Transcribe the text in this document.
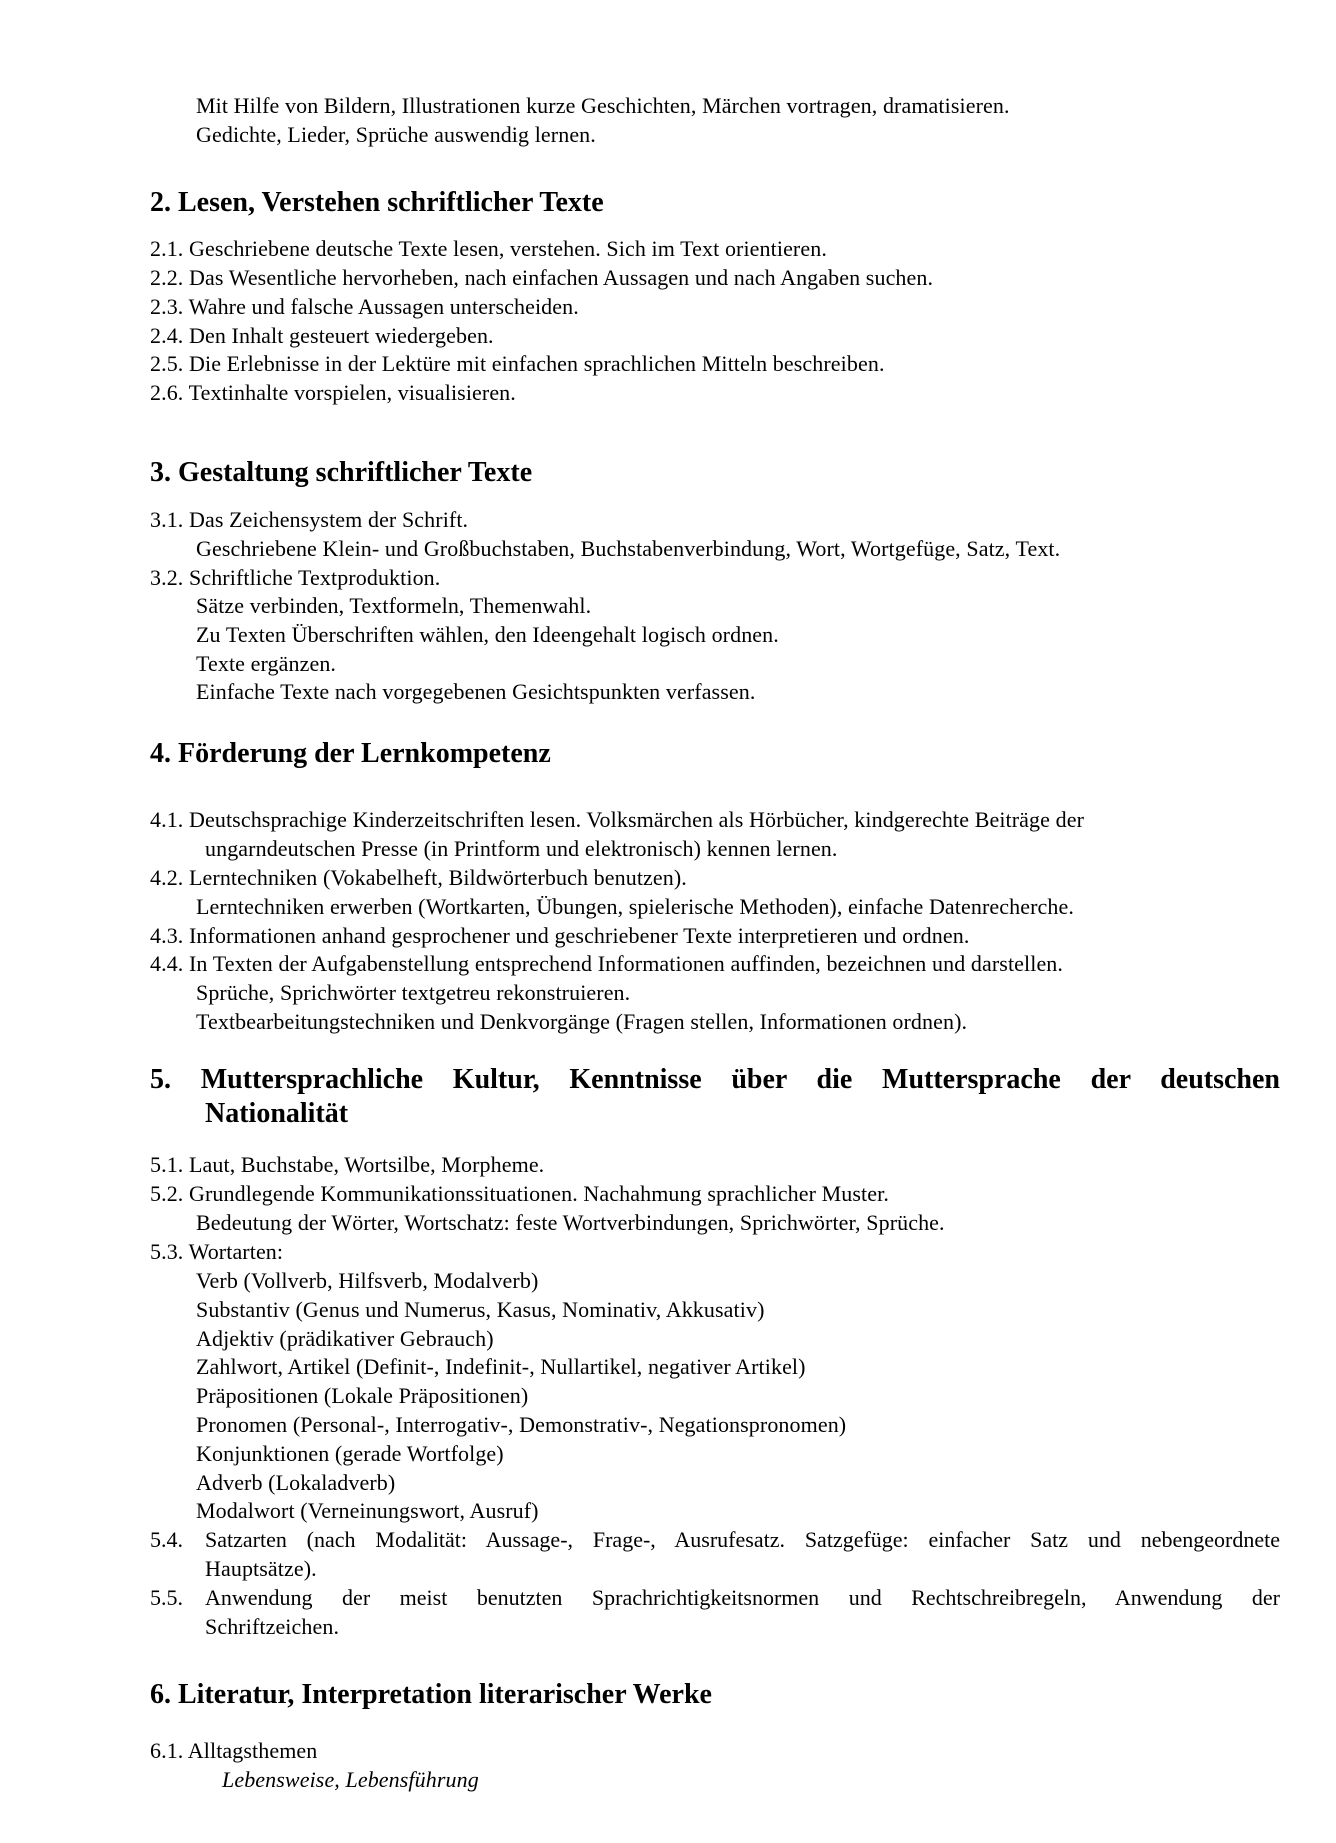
Mit Hilfe von Bildern, Illustrationen kurze Geschichten, Märchen vortragen, dramatisieren.
Gedichte, Lieder, Sprüche auswendig lernen.
2. Lesen, Verstehen schriftlicher Texte
2.1. Geschriebene deutsche Texte lesen, verstehen. Sich im Text orientieren.
2.2. Das Wesentliche hervorheben, nach einfachen Aussagen und nach Angaben suchen.
2.3. Wahre und falsche Aussagen unterscheiden.
2.4. Den Inhalt gesteuert wiedergeben.
2.5. Die Erlebnisse in der Lektüre mit einfachen sprachlichen Mitteln beschreiben.
2.6. Textinhalte vorspielen, visualisieren.
3. Gestaltung schriftlicher Texte
3.1. Das Zeichensystem der Schrift.
Geschriebene Klein- und Großbuchstaben, Buchstabenverbindung, Wort, Wortgefüge, Satz, Text.
3.2. Schriftliche Textproduktion.
Sätze verbinden, Textformeln, Themenwahl.
Zu Texten Überschriften wählen, den Ideengehalt logisch ordnen.
Texte ergänzen.
Einfache Texte nach vorgegebenen Gesichtspunkten verfassen.
4. Förderung der Lernkompetenz
4.1. Deutschsprachige Kinderzeitschriften lesen. Volksmärchen als Hörbücher, kindgerechte Beiträge der
ungarndeutschen Presse (in Printform und elektronisch) kennen lernen.
4.2. Lerntechniken (Vokabelheft, Bildwörterbuch benutzen).
Lerntechniken erwerben (Wortkarten, Übungen, spielerische Methoden), einfache Datenrecherche.
4.3. Informationen anhand gesprochener und geschriebener Texte interpretieren und ordnen.
4.4. In Texten der Aufgabenstellung entsprechend Informationen auffinden, bezeichnen und darstellen.
Sprüche, Sprichwörter textgetreu rekonstruieren.
Textbearbeitungstechniken und Denkvorgänge (Fragen stellen, Informationen ordnen).
5. Muttersprachliche Kultur, Kenntnisse über die Muttersprache der deutschen
Nationalität
5.1. Laut, Buchstabe, Wortsilbe, Morpheme.
5.2. Grundlegende Kommunikationssituationen. Nachahmung sprachlicher Muster.
Bedeutung der Wörter, Wortschatz: feste Wortverbindungen, Sprichwörter, Sprüche.
5.3. Wortarten:
Verb (Vollverb, Hilfsverb, Modalverb)
Substantiv (Genus und Numerus, Kasus, Nominativ, Akkusativ)
Adjektiv (prädikativer Gebrauch)
Zahlwort, Artikel (Definit-, Indefinit-, Nullartikel, negativer Artikel)
Präpositionen (Lokale Präpositionen)
Pronomen (Personal-, Interrogativ-, Demonstrativ-, Negationspronomen)
Konjunktionen (gerade Wortfolge)
Adverb (Lokaladverb)
Modalwort (Verneinungswort, Ausruf)
5.4. Satzarten (nach Modalität: Aussage-, Frage-, Ausrufesatz. Satzgefüge: einfacher Satz und nebengeordnete
Hauptsätze).
5.5. Anwendung der meist benutzten Sprachrichtigkeitsnormen und Rechtschreibregeln, Anwendung der
Schriftzeichen.
6. Literatur, Interpretation literarischer Werke
6.1. Alltagsthemen
Lebensweise, Lebensführung
